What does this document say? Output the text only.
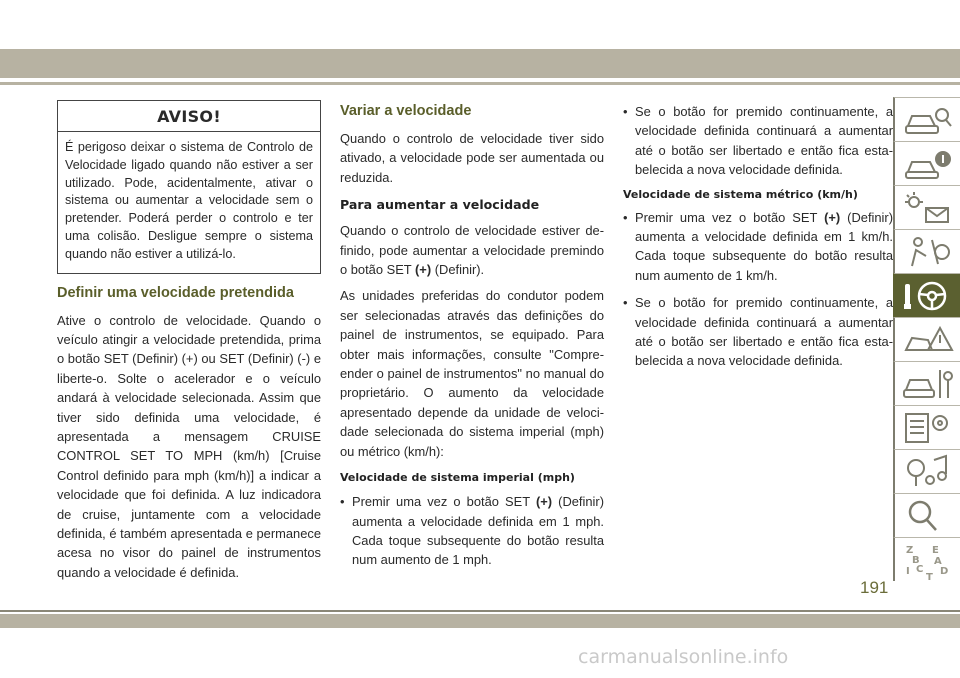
AVISO!
É perigoso deixar o sistema de Controlo de Velocidade ligado quando não estiver a ser utilizado. Pode, acidentalmente, ativar o sistema ou aumentar a velocidade sem o pretender. Poderá perder o controlo e ter uma colisão. Desligue sempre o sistema quando não estiver a utilizá-lo.
Definir uma velocidade pretendida

Ative o controlo de velocidade. Quando o veículo atingir a velocidade pretendida, prima o botão SET (Definir) (+) ou SET (Definir) (-) e liberte-o. Solte o acelerador e o veículo andará à velocidade selecionada. Assim que tiver sido definida uma velocidade, é apresentada a mensagem CRUISE CONTROL SET TO MPH (km/h) [Cruise Control definido para mph (km/h)] a indicar a velocidade que foi definida. A luz indicadora de cruise, juntamente com a velocidade definida, é também apresentada e permanece acesa no visor do painel de instrumentos quando a velocidade é definida.

Variar a velocidade

Quando o controlo de velocidade tiver sido ativado, a velocidade pode ser aumentada ou reduzida.

Para aumentar a velocidade

Quando o controlo de velocidade estiver definido, pode aumentar a velocidade premindo o botão SET (+) (Definir).

As unidades preferidas do condutor podem ser selecionadas através das definições do painel de instrumentos, se equipado. Para obter mais informações, consulte "Compreender o painel de instrumentos" no manual do proprietário. O aumento da velocidade apresentado depende da unidade de velocidade selecionada do sistema imperial (mph) ou métrico (km/h):

Velocidade de sistema imperial (mph)
• Premir uma vez o botão SET (+) (Definir) aumenta a velocidade definida em 1 mph. Cada toque subsequente do botão resulta num aumento de 1 mph.
• Se o botão for premido continuamente, a velocidade definida continuará a aumentar até o botão ser libertado e então fica estabelecida a nova velocidade definida.
Velocidade de sistema métrico (km/h)
• Premir uma vez o botão SET (+) (Definir) aumenta a velocidade definida em 1 km/h. Cada toque subsequente do botão resulta num aumento de 1 km/h.
• Se o botão for premido continuamente, a velocidade definida continuará a aumentar até o botão ser libertado e então fica estabelecida a nova velocidade definida.
Z E
B A
I C D
T
191
carmanualsonline.info
